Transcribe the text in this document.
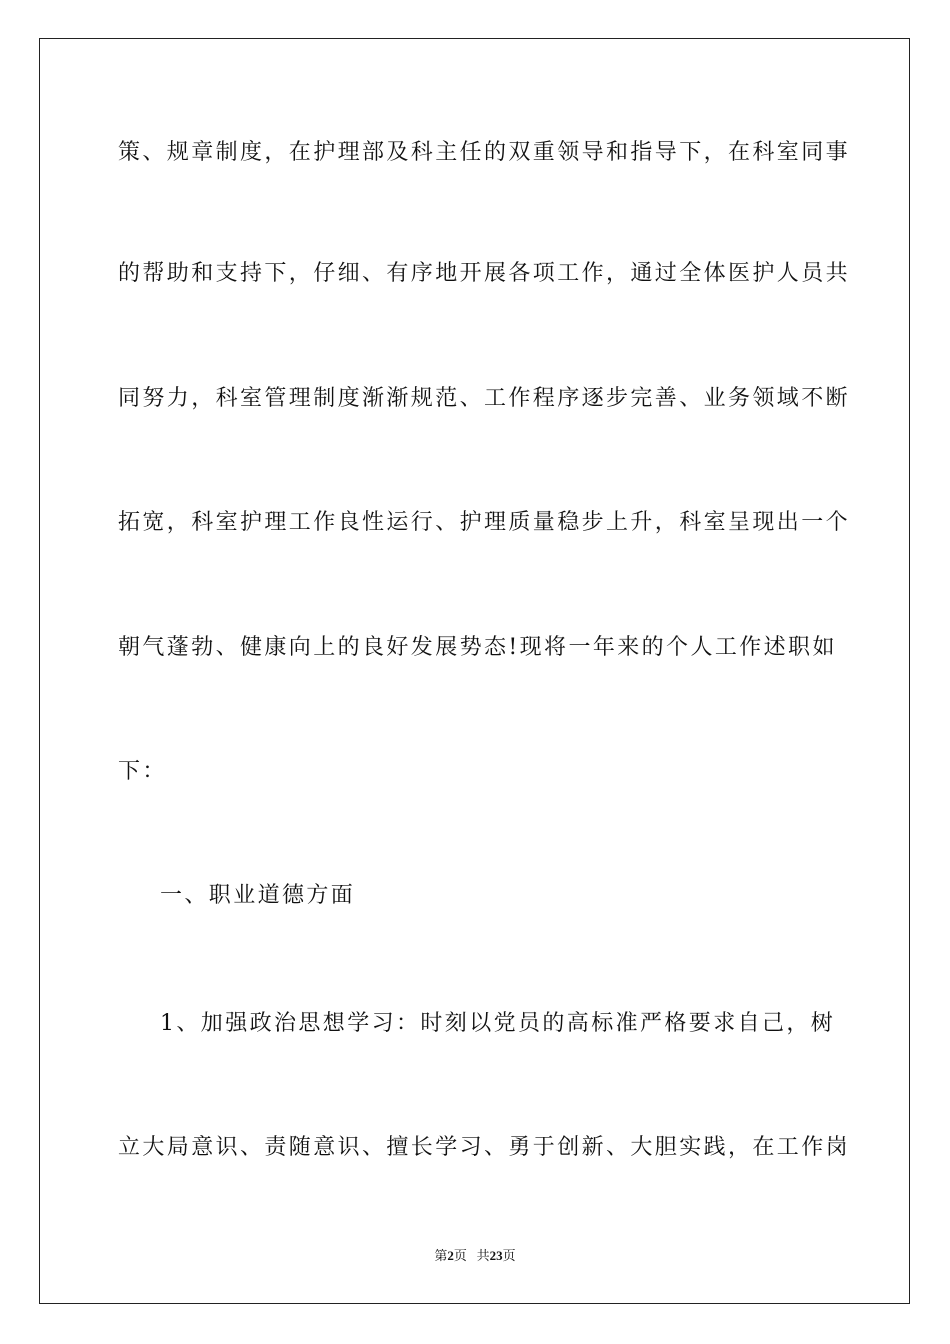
策、规章制度，在护理部及科主任的双重领导和指导下，在科室同事
的帮助和支持下，仔细、有序地开展各项工作，通过全体医护人员共
同努力，科室管理制度渐渐规范、工作程序逐步完善、业务领域不断
拓宽，科室护理工作良性运行、护理质量稳步上升，科室呈现出一个
朝气蓬勃、健康向上的良好发展势态!现将一年来的个人工作述职如
下：
一、职业道德方面
1、加强政治思想学习：时刻以党员的高标准严格要求自己，树
立大局意识、责随意识、擅长学习、勇于创新、大胆实践，在工作岗
第2页 共23页
